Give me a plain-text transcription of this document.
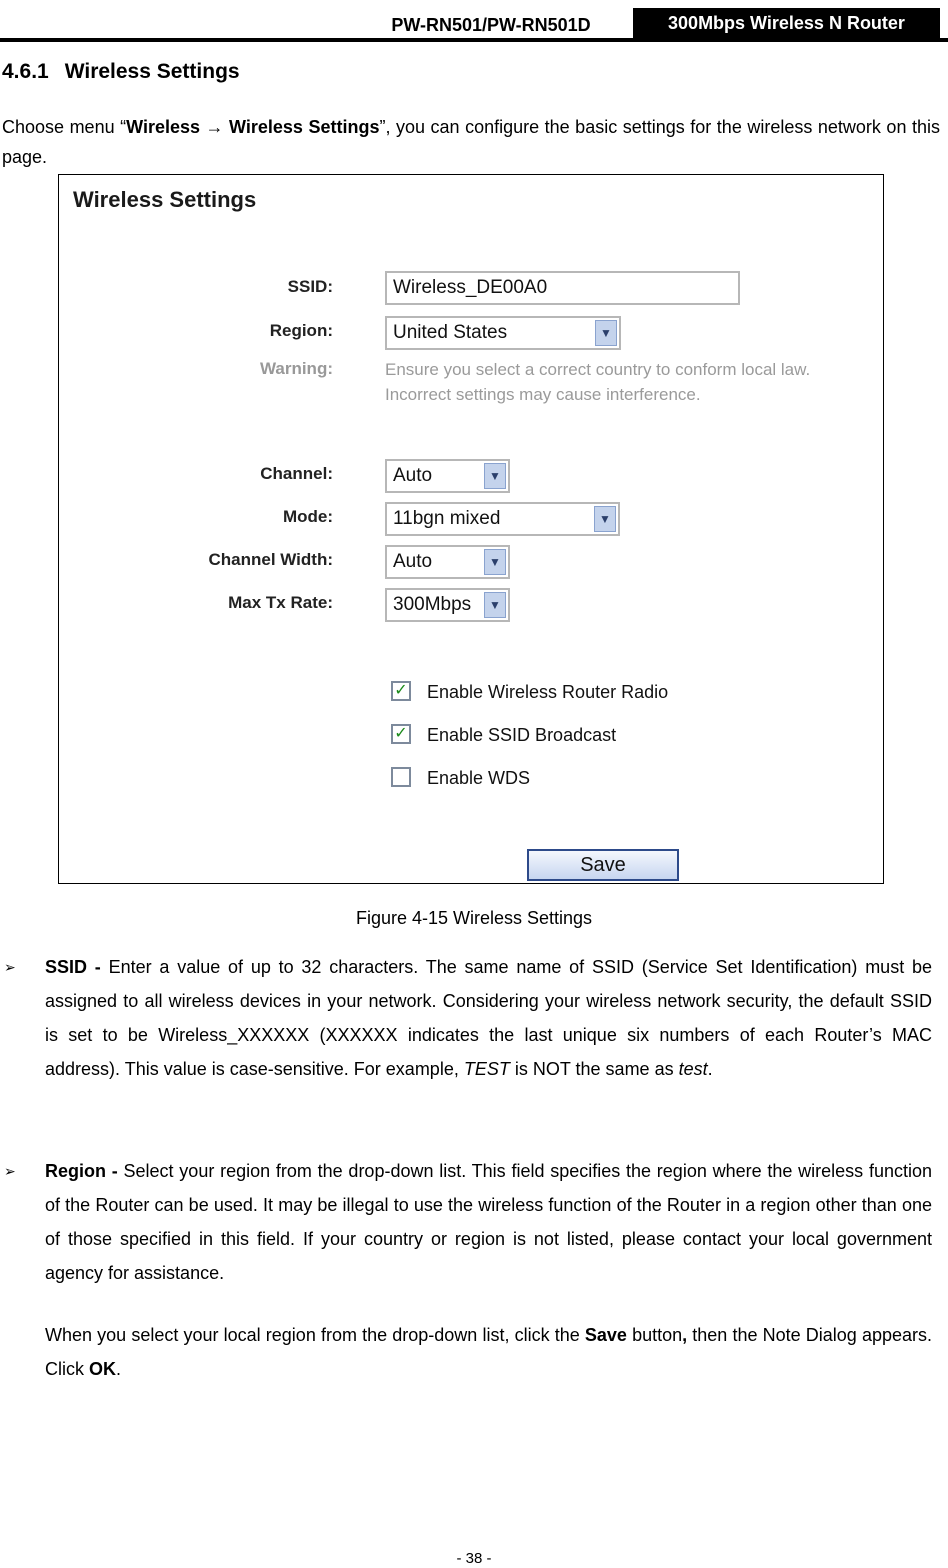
PW-RN501/PW-RN501D	300Mbps Wireless N Router
4.6.1 Wireless Settings
Choose menu “Wireless → Wireless Settings”, you can configure the basic settings for the wireless network on this page.
Wireless Settings
SSID:	Wireless_DE00A0
Region:	United States	▼
Warning:	Ensure you select a correct country to conform local law.
Incorrect settings may cause interference.
Channel:	Auto	▼
Mode:	11bgn mixed	▼
Channel Width:	Auto	▼
Max Tx Rate:	300Mbps	▼
✓ Enable Wireless Router Radio
✓ Enable SSID Broadcast
Enable WDS
Save
Figure 4-15 Wireless Settings
➢ SSID - Enter a value of up to 32 characters. The same name of SSID (Service Set Identification) must be assigned to all wireless devices in your network. Considering your wireless network security, the default SSID is set to be Wireless_XXXXXX (XXXXXX indicates the last unique six numbers of each Router’s MAC address). This value is case-sensitive. For example, TEST is NOT the same as test.
➢ Region - Select your region from the drop-down list. This field specifies the region where the wireless function of the Router can be used. It may be illegal to use the wireless function of the Router in a region other than one of those specified in this field. If your country or region is not listed, please contact your local government agency for assistance.
When you select your local region from the drop-down list, click the Save button, then the Note Dialog appears. Click OK.
- 38 -
